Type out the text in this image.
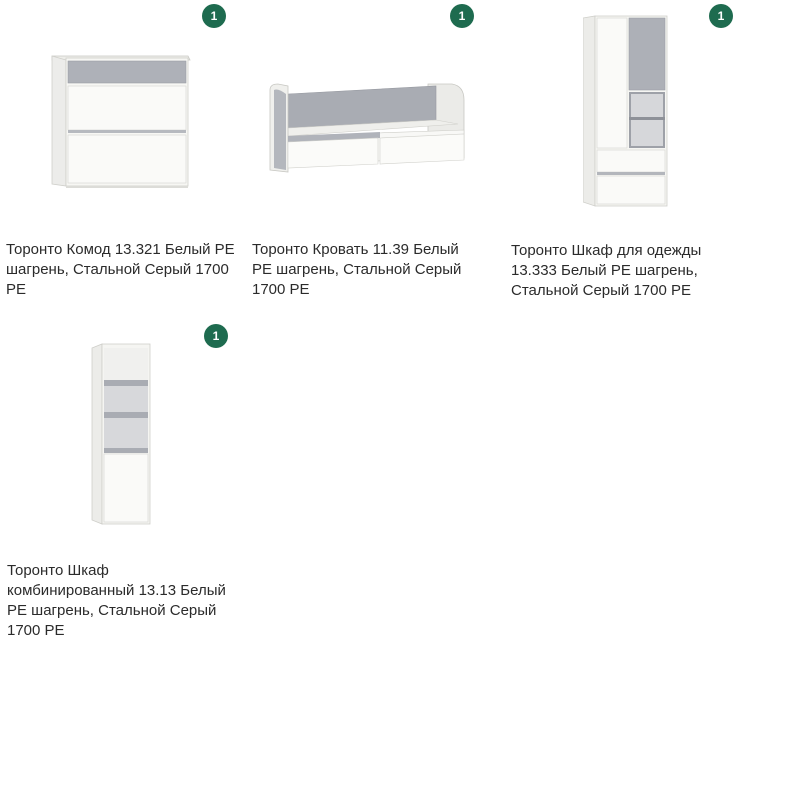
1

Торонто Комод 13.321 Белый PE шагрень, Стальной Серый 1700 PE

1

Торонто Кровать 11.39 Белый PE шагрень, Стальной Серый 1700 PE

1

Торонто Шкаф для одежды 13.333 Белый PE шагрень, Стальной Серый 1700 PE

1

Торонто Шкаф комбинированный 13.13 Белый PE шагрень, Стальной Серый 1700 PE
